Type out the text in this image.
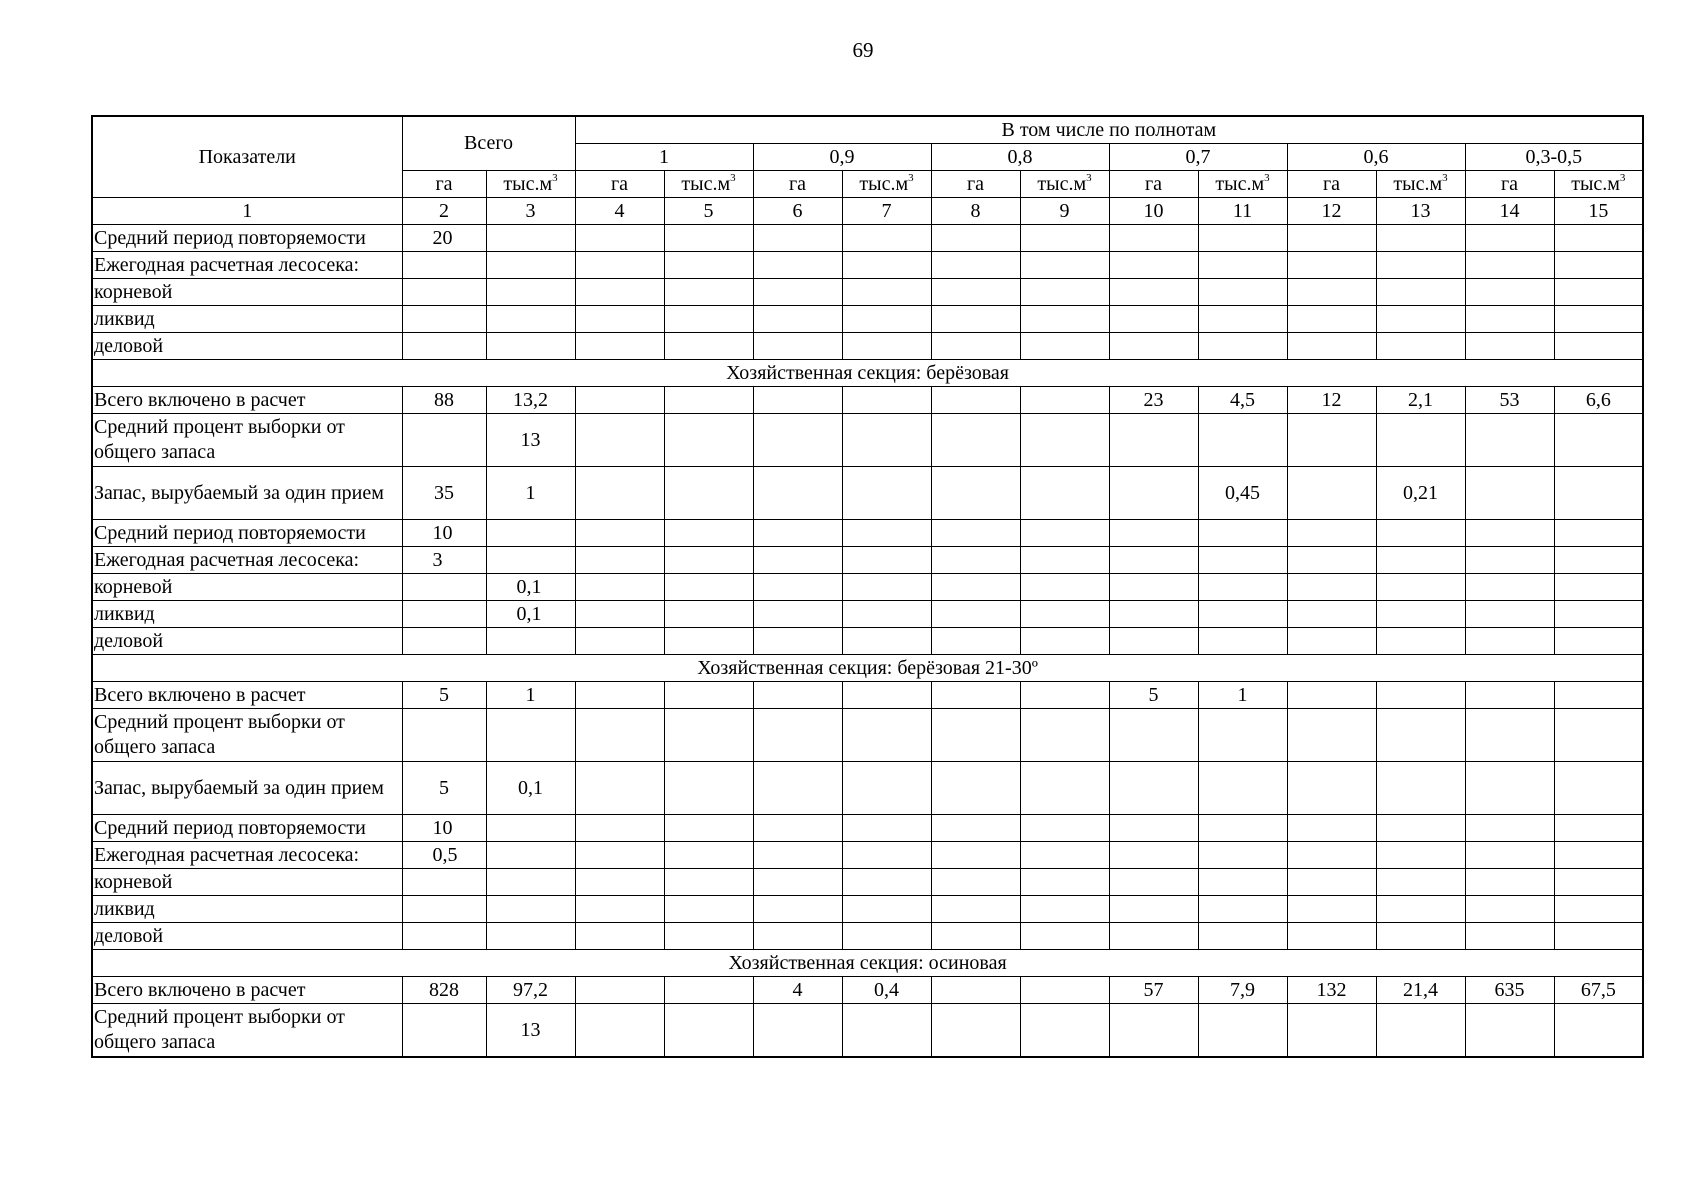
69
Показатели	Всего		В том числе по полнотам											
			1		0,9		0,8		0,7		0,6		0,3-0,5	
	га	$тыс.м^3$	га	$тыс.м^3$	га	$тыс.м^3$	га	$тыс.м^3$	га	$тыс.м^3$	га	$тыс.м^3$	га	$тыс.м^3$
1	2	3	4	5	6	7	8	9	10	11	12	13	14	15
Средний период повторяемости	20													
Ежегодная расчетная лесосека:														
корневой														
ликвид														
деловой														
Хозяйственная секция: берёзовая														
Всего включено в расчет	88	13,2							23	4,5	12	2,1	53	6,6
Средний процент выборки от общего запаса		13												
Запас, вырубаемый за один прием	35	1								0,45		0,21		
Средний период повторяемости	10													
Ежегодная расчетная лесосека:	3													
корневой		0,1												
ликвид		0,1												
деловой														
Хозяйственная секция: берёзовая 21-30º														
Всего включено в расчет	5	1							5	1				
Средний процент выборки от общего запаса														
Запас, вырубаемый за один прием	5	0,1												
Средний период повторяемости	10													
Ежегодная расчетная лесосека:	0,5													
корневой														
ликвид														
деловой														
Хозяйственная секция: осиновая														
Всего включено в расчет	828	97,2			4	0,4			57	7,9	132	21,4	635	67,5
Средний процент выборки от общего запаса		13												
